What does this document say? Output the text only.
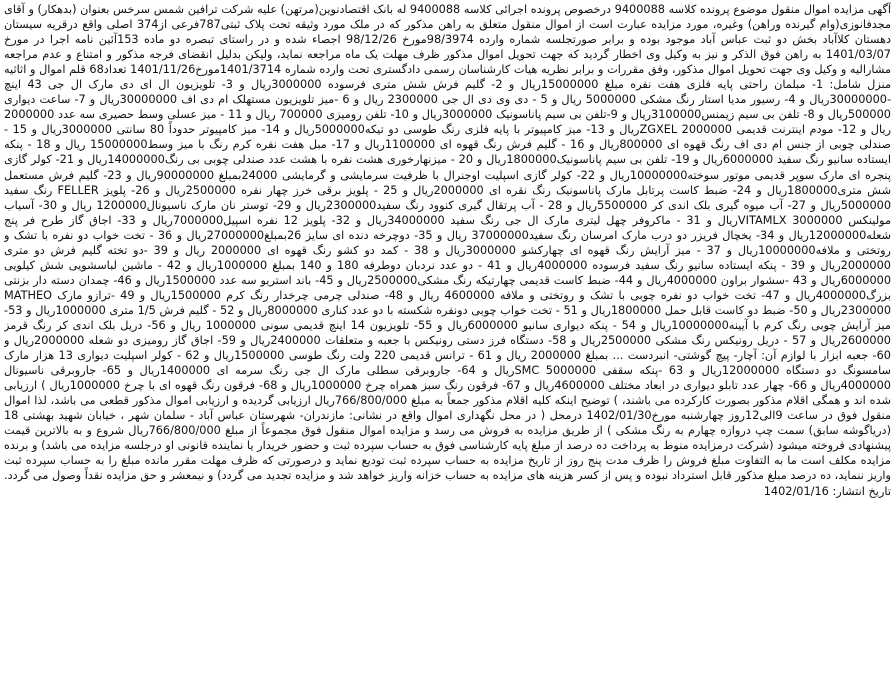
آگهی مزایده اموال منقول موضوع پرونده کلاسه 9400088 درخصوص پرونده اجرائی کلاسه 9400088 له بانک اقتصادنوین(مرتهن) علیه شرکت ترافین شمس سرخس بعنوان (بدهکار) و آقای مجدفانوزی(وام گیرنده وراهن) وغیره، مورد مزایده عبارت است از اموال منقول متعلق به راهن مذکور که در ملک مورد وثیقه تحت پلاک ثبتی787فرعی از374 اصلی واقع درقریه سیستان دهستان کلاآباد بخش دو ثبت عباس آباد موجود بوده و برابر صورتجلسه شماره وارده 98/3974مورخ 98/12/26 اجصاء شده و در راستای تبصره دو ماده 153آئین نامه اجرا در مورخ 1401/03/07 به راهن فوق الذکر و نیز به وکیل وی اخطار گردید که جهت تحویل اموال مذکور ظرف مهلت یک ماه مراجعه نماید، ولیکن بدلیل انقضای فرجه مذکور و امتناع و عدم مراجعه مشارالیه و وکیل وی جهت تحویل اموال مذکور، وفق مقررات و برابر نظریه هیات کارشناسان رسمی دادگستری تحت وارده شماره 1401/3714مورخ1401/11/26 تعداد68 قلم اموال و اثاثیه منزل شامل: 1- مبلمان راحتی پایه فلزی هفت نفره مبلغ 15000000ریال و 2- گلیم فرش شش متری فرسوده 3000000ریال و 3- تلویزیون ال ای دی مارک ال جی 43 اینچ -30000000ریال و 4- رسیور مدیا استار رنگ مشکی 5000000 ریال و 5 - دی وی دی ال جی 2300000 ریال و 6 -میز تلویزیون مستهلک ام دی اف 30000000ریال و 7- ساعت دیواری 500000ریال و 8- تلفن بی سیم زیمنس3100000ریال و 9-تلفن بی سیم پاناسونیک 3000000ریال و 10- تلفن رومیزی 700000 ریال و 11 - میز عسلی وسط حصیری سه عدد 2000000 ریال و 12- مودم اینترنت قدیمی ZGXEL 2000000ریال و 13- میز کامپیوتر با پایه فلزی رنگ طوسی دو تیکه5000000ریال و 14- میز کامپیوتر حدوداً 80 سانتی 3000000ریال و 15 - صندلی چوبی از جنس ام دی اف رنگ قهوه ای 800000ریال و 16 - گلیم فرش رنگ قهوه ای 1100000ریال و 17- مبل هفت نفره کرم رنگ با میز وسط15000000 ریال و 18 - پنکه ایستاده سانیو رنگ سفید 6000000ریال و 19- تلفن بی سیم پاناسونیک1800000ریال و 20 - میزنهارخوری هشت نفره با هشت عدد صندلی چوبی بی رنگ14000000ریال و 21- کولر گازی پنجره ای مارک سوپر قدیمی موتور سوخته10000000ریال و 22- کولر گازی اسپلیت اوجنرال با ظرفیت سرمایشی و گرمایشی 24000بمبلغ 90000000ریال و 23- گلیم فرش مستعمل شش متری1800000ریال و 24- ضبط کاست پرتابل مارک پاناسونیک رنگ نقره ای 2000000ریال و 25 - پلویز برقی خرز چهار نفره 2500000ریال و 26- پلویز FELLER رنگ سفید 5000000ریال و 27- آب میوه گیری بلک اندی کر 5500000ریال و 28 - آب پرتقال گیری کنوود رنگ سفید2300000ریال و 29- توستر نان مارک ناسیونال1200000 ریال و 30- آسیاب مولینکس VITAMLX 3000000ریال و 31 - ماکروفر چهل لیتری مارک ال جی رنگ سفید 34000000ریال و 32- پلویز 12 نفره اسپیل7000000ریال و 33- اجاق گاز طرح فر پنج شعله12000000ریال و 34- یخچال فریزر دو درب مارک امرسان رنگ سفید37000000 ریال و 35- دوچرخه دنده ای سایز 26بمبلغ27000000ریال و 36 - تخت خواب دو نفره با تشک و روتختی و ملافه10000000ریال و 37 - میز آرایش رنگ قهوه ای چهارکشو 3000000ریال و 38 - کمد دو کشو رنگ قهوه ای 2000000 ریال و 39 -دو تخته گلیم فرش دو متری 2000000ریال و 39 - پنکه ایستاده سانیو رنگ سفید فرسوده 4000000ریال و 41 - دو عدد نردبان دوطرفه 180 و 140 بمبلغ 1000000ریال و 42 - ماشین لباسشویی شش کیلویی 6000000ریال و 43 -سشوار براون 4000000ریال و 44- ضبط کاست قدیمی چهارتیکه رنگ مشکی2500000ریال و 45- باند استریو سه عدد 1500000ریال و 46- چمدان دسته دار بزنتی بزرگ4000000ریال و 47- تخت خواب دو نفره چوبی با تشک و روتختی و ملافه 4600000 ریال و 48- صندلی چرمی چرخدار رنگ کرم 1500000ریال و 49 -ترازو مارک MATHEO 2300000ریال و 50- ضبط دو کاست قابل حمل 1800000ریال و 51 - تخت خواب چوبی دونفره شکسته با دو عدد کناری 8000000ریال و 52 - گلیم فرش 1/5 متری 1000000ریال و 53-میز آرایش چوبی رنگ کرم با آیینه10000000ریال و 54 - پنکه دیواری سانیو 6000000ریال و 55- تلویزیون 14 اینچ قدیمی سونی 1000000 ریال و 56- دریل بلک اندی کر رنگ قرمز 2600000ریال و 57 - دریل رونیکس رنگ مشکی 2500000ریال و 58- دستگاه فرز دستی رونیکس با جعبه و متعلقات 2400000ریال و 59- اجاق گاز رومیزی دو شعله 2000000ریال و 60- جعبه ابزار با لوازم آن: آچار- پیچ گوشتی- انبردست ... بمبلغ 2000000 ریال و 61 - ترانس قدیمی 220 ولت رنگ طوسی 1500000ریال و 62 - کولر اسپلیت دیواری 13 هزار مارک سامسونگ دو دستگاه 12000000ریال و 63 -پنکه سقفی SMC 5000000ریال و 64- جاروبرقی سطلی مارک ال جی رنگ سرمه ای 1400000ریال و 65- جاروبرقی ناسیونال 4000000ریال و 66- چهار عدد تابلو دیواری در ابعاد مختلف 4600000ریال و 67- فرقون رنگ سبز همراه چرخ 1000000ریال و 68- فرقون رنگ قهوه ای با چرخ 1000000ریال ) ارزیابی شده اند و همگی اقلام مذکور بصورت کارکرده می باشند، ) توضیح اینکه کلیه اقلام مذکور جمعاً به مبلغ 766/800/000ریال ارزیابی گردیده و ارزیابی اموال مذکور قطعی می باشد، لذا اموال منقول فوق در ساعت 9الی12روز چهارشنبه مورخ1402/01/30 درمحل ( در محل نگهداری اموال واقع در نشانی: مازندران- شهرستان عباس آباد - سلمان شهر ، خیابان شهید بهشتی 18 (دریاگوشه سابق) سمت چپ دروازه چهارم به رنگ مشکی ) از طریق مزایده به فروش می رسد و مزایده اموال منقول فوق مجموعاً از مبلغ 766/800/000ریال شروع و به بالاترین قیمت پیشنهادی فروخته میشود (شرکت درمزایده منوط به پرداخت ده درصد از مبلغ پایه کارشناسی فوق به حساب سپرده ثبت و حضور خریدار یا نماینده قانونی او درجلسه مزایده می باشد) و برنده مزایده مکلف است ما به التفاوت مبلغ فروش را ظرف مدت پنج روز از تاریخ مزایده به حساب سپرده ثبت تودیع نماید و درصورتی که ظرف مهلت مقرر مانده مبلغ را به حساب سپرده ثبت واریز ننماید، ده درصد مبلغ مذکور قابل استرداد نبوده و پس از کسر هزینه های مزایده به حساب خزانه واریز خواهد شد و مزایده تجدید می گردد) و نیمعشر و حق مزایده نقداً وصول می گردد. تاریخ انتشار: 1402/01/16
